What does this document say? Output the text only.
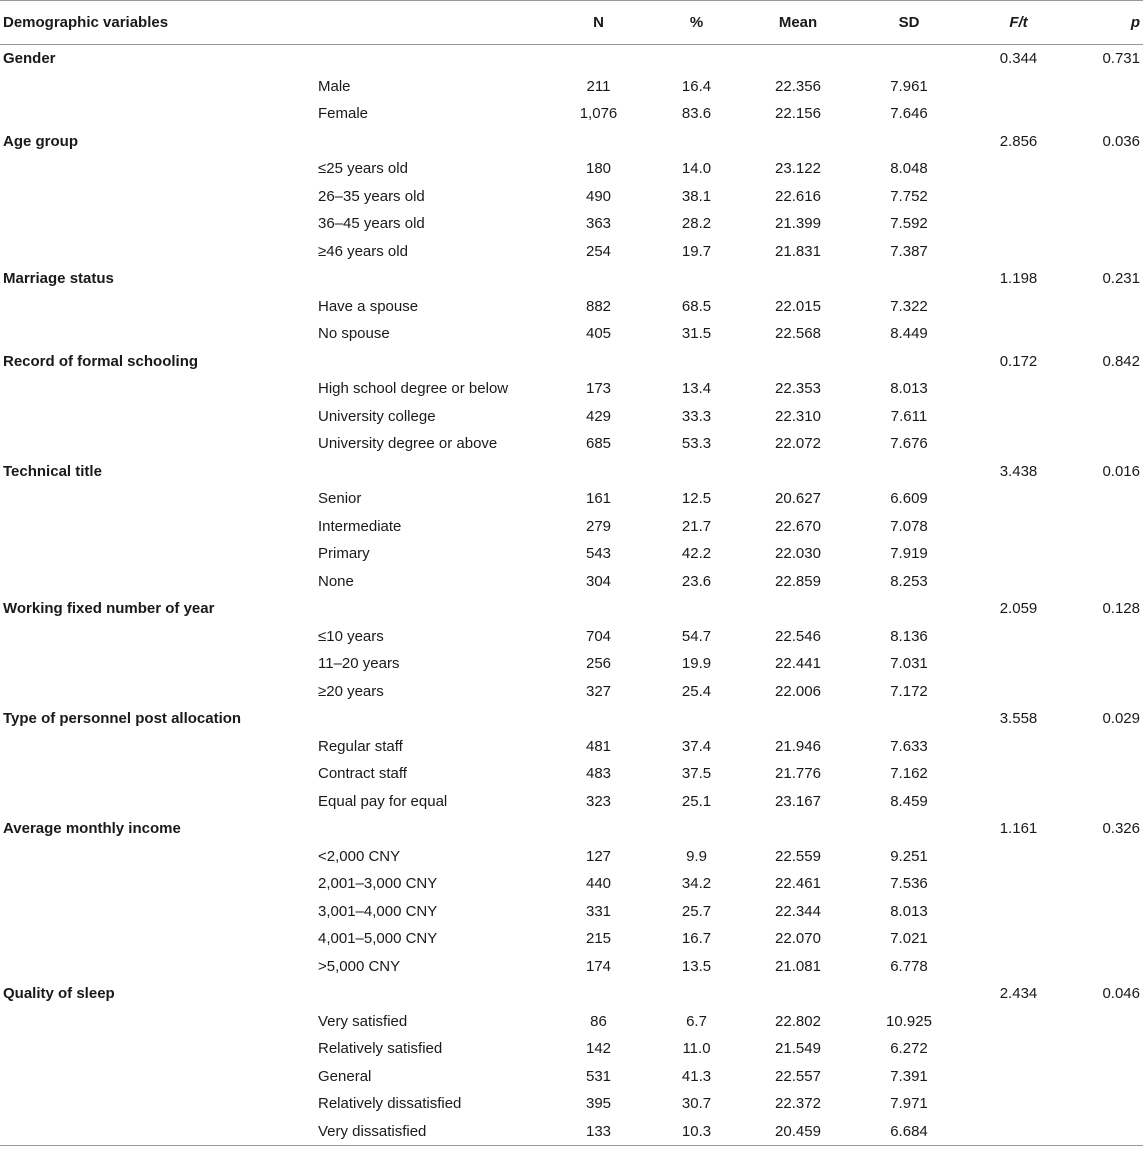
Demographic variables		N	%	Mean	SD	F/t	p
Gender						0.344	0.731
	Male	211	16.4	22.356	7.961		
	Female	1,076	83.6	22.156	7.646		
Age group						2.856	0.036
	≤25 years old	180	14.0	23.122	8.048		
	26–35 years old	490	38.1	22.616	7.752		
	36–45 years old	363	28.2	21.399	7.592		
	≥46 years old	254	19.7	21.831	7.387		
Marriage status						1.198	0.231
	Have a spouse	882	68.5	22.015	7.322		
	No spouse	405	31.5	22.568	8.449		
Record of formal schooling						0.172	0.842
	High school degree or below	173	13.4	22.353	8.013		
	University college	429	33.3	22.310	7.611		
	University degree or above	685	53.3	22.072	7.676		
Technical title						3.438	0.016
	Senior	161	12.5	20.627	6.609		
	Intermediate	279	21.7	22.670	7.078		
	Primary	543	42.2	22.030	7.919		
	None	304	23.6	22.859	8.253		
Working fixed number of year						2.059	0.128
	≤10 years	704	54.7	22.546	8.136		
	11–20 years	256	19.9	22.441	7.031		
	≥20 years	327	25.4	22.006	7.172		
Type of personnel post allocation						3.558	0.029
	Regular staff	481	37.4	21.946	7.633		
	Contract staff	483	37.5	21.776	7.162		
	Equal pay for equal	323	25.1	23.167	8.459		
Average monthly income						1.161	0.326
	<2,000 CNY	127	9.9	22.559	9.251		
	2,001–3,000 CNY	440	34.2	22.461	7.536		
	3,001–4,000 CNY	331	25.7	22.344	8.013		
	4,001–5,000 CNY	215	16.7	22.070	7.021		
	>5,000 CNY	174	13.5	21.081	6.778		
Quality of sleep						2.434	0.046
	Very satisfied	86	6.7	22.802	10.925		
	Relatively satisfied	142	11.0	21.549	6.272		
	General	531	41.3	22.557	7.391		
	Relatively dissatisfied	395	30.7	22.372	7.971		
	Very dissatisfied	133	10.3	20.459	6.684		
